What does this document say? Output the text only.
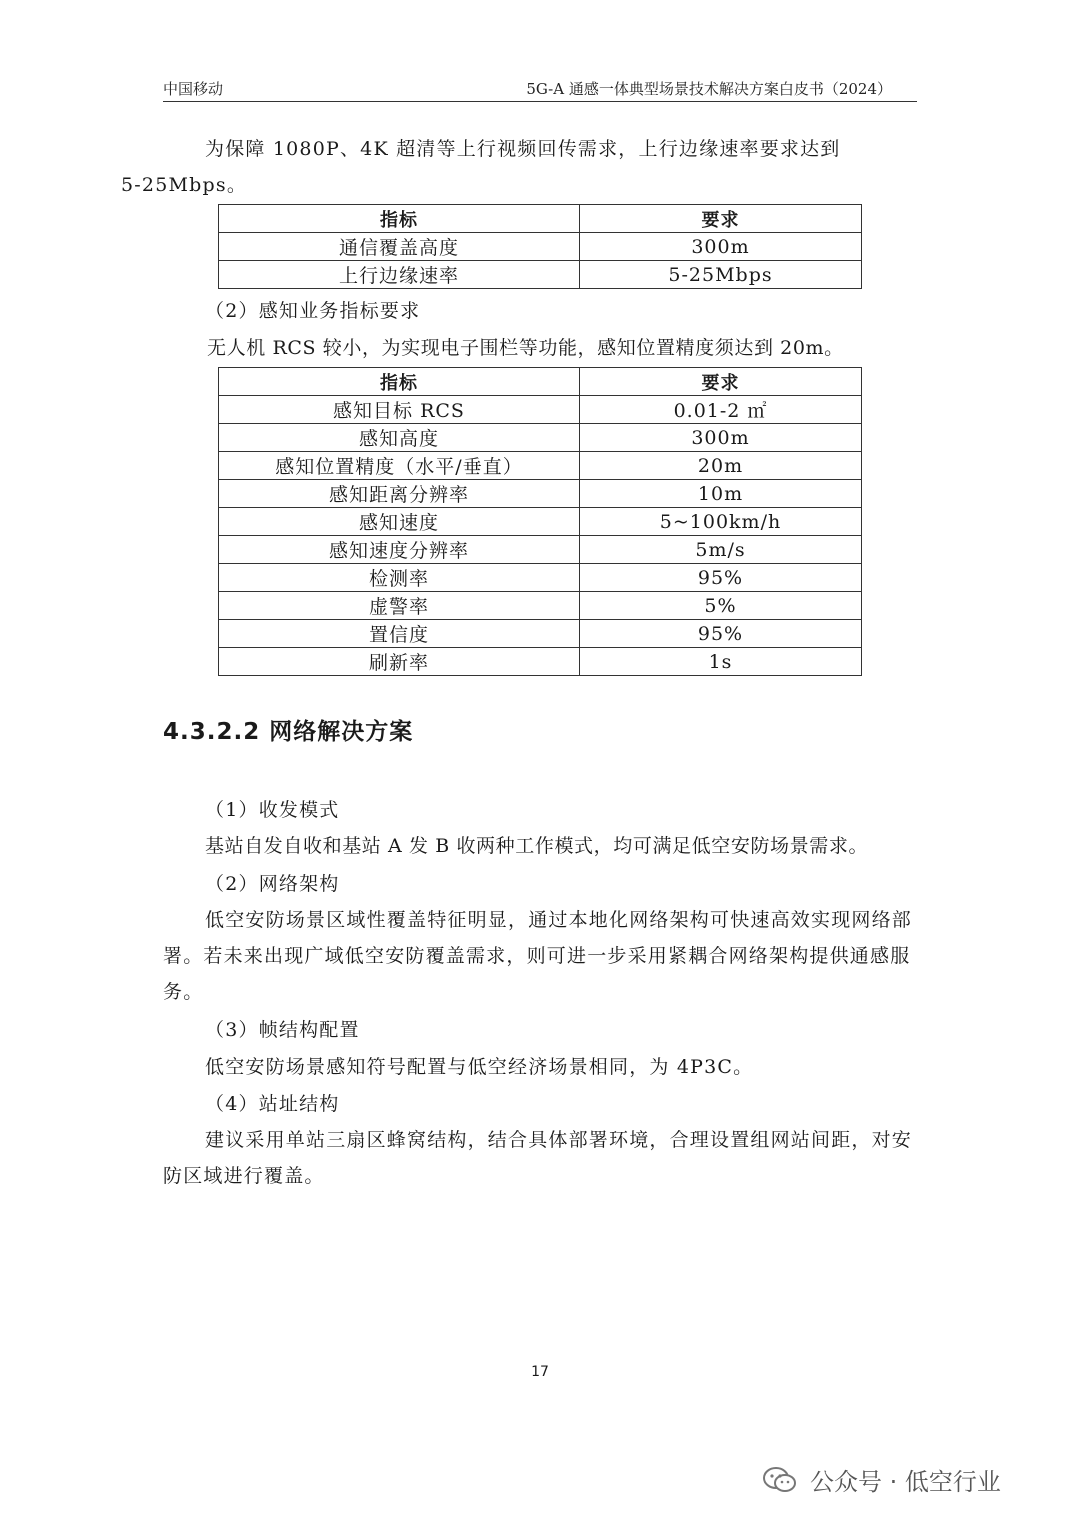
中国移动	5G-A 通感一体典型场景技术解决方案白皮书（2024）
为保障 1080P、4K 超清等上行视频回传需求，上行边缘速率要求达到
5-25Mbps。
指标	要求
通信覆盖高度	300m
上行边缘速率	5-25Mbps
（2）感知业务指标要求
无人机 RCS 较小，为实现电子围栏等功能，感知位置精度须达到 20m。
指标	要求
感知目标 RCS	0.01-2 ㎡
感知高度	300m
感知位置精度（水平/垂直）	20m
感知距离分辨率	10m
感知速度	5~100km/h
感知速度分辨率	5m/s
检测率	95%
虚警率	5%
置信度	95%
刷新率	1s
4.3.2.2 网络解决方案
（1）收发模式
基站自发自收和基站 A 发 B 收两种工作模式，均可满足低空安防场景需求。
（2）网络架构
低空安防场景区域性覆盖特征明显，通过本地化网络架构可快速高效实现网络部署。若未来出现广域低空安防覆盖需求，则可进一步采用紧耦合网络架构提供通感服务。
（3）帧结构配置
低空安防场景感知符号配置与低空经济场景相同，为 4P3C。
（4）站址结构
建议采用单站三扇区蜂窝结构，结合具体部署环境，合理设置组网站间距，对安防区域进行覆盖。
17
公众号 · 低空行业
